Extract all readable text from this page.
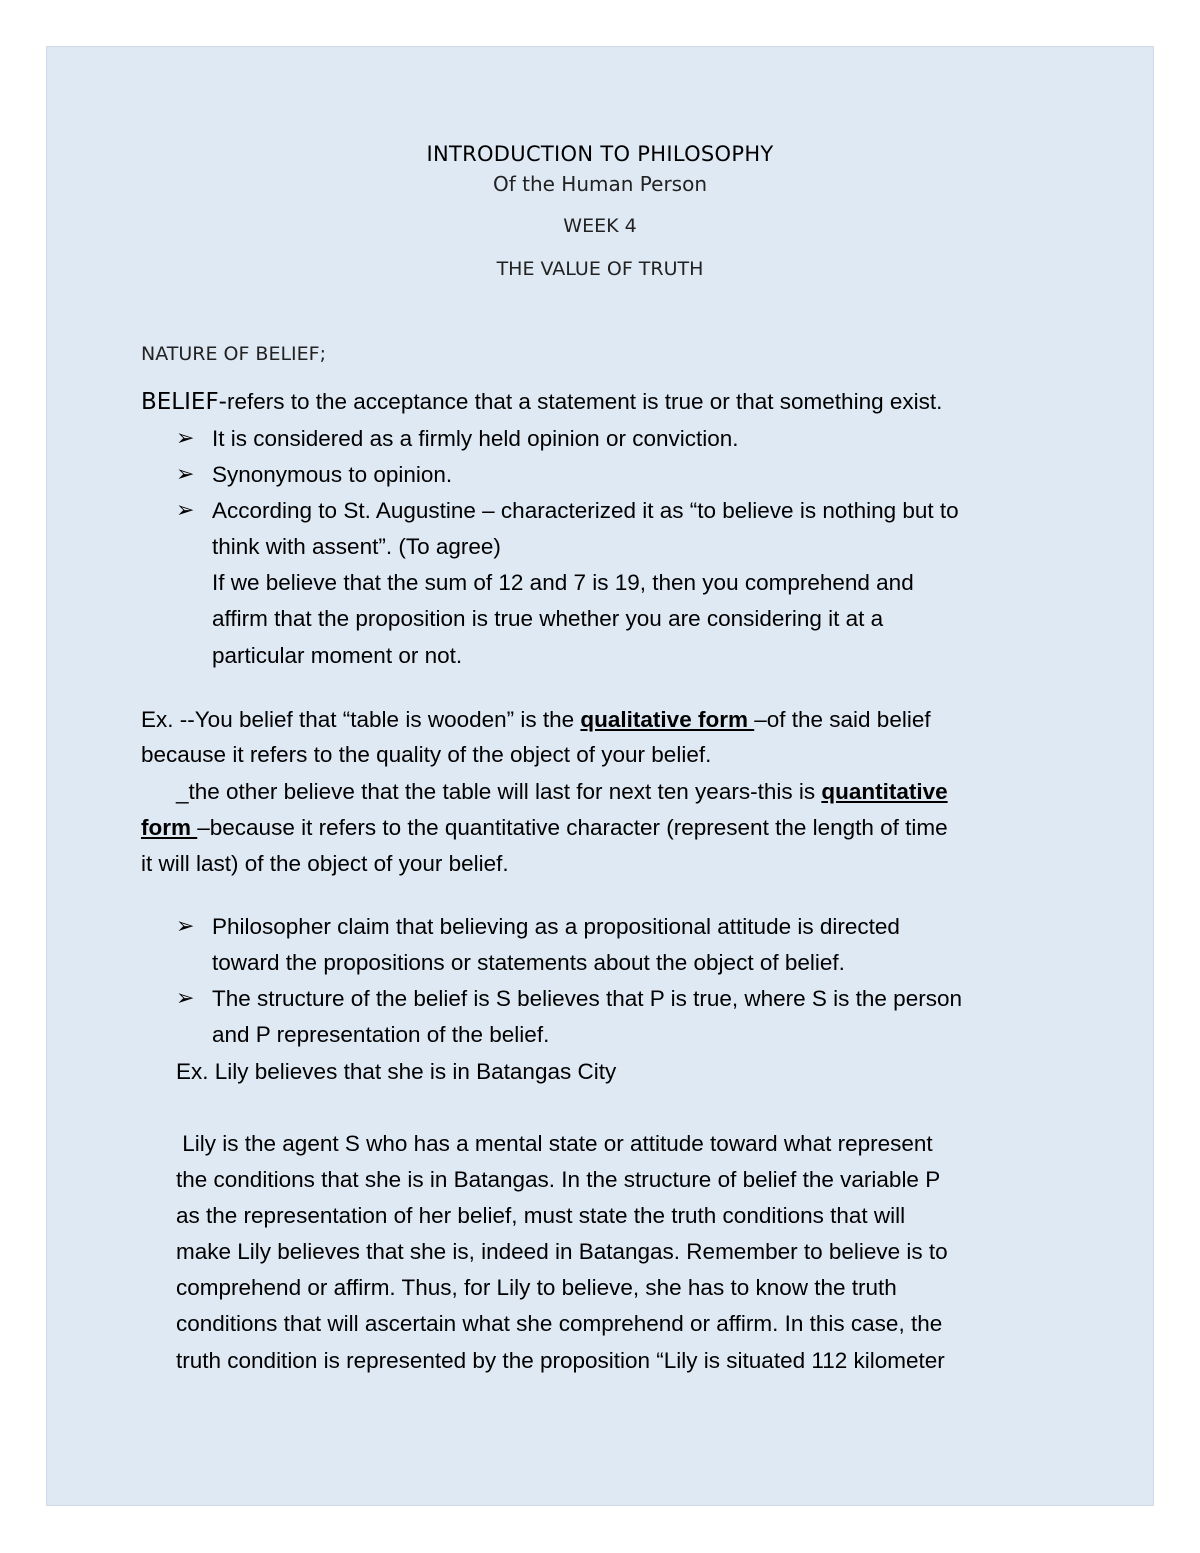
INTRODUCTION TO PHILOSOPHY
Of the Human Person
WEEK 4
THE VALUE OF TRUTH
NATURE OF BELIEF;
BELIEF-refers to the acceptance that a statement is true or that something exist.
➢ It is considered as a firmly held opinion or conviction.
➢ Synonymous to opinion.
➢ According to St. Augustine – characterized it as “to believe is nothing but to
think with assent”. (To agree)
If we believe that the sum of 12 and 7 is 19, then you comprehend and
affirm that the proposition is true whether you are considering it at a
particular moment or not.
Ex. --You belief that “table is wooden” is the qualitative form –of the said belief
because it refers to the quality of the object of your belief.
_the other believe that the table will last for next ten years-this is quantitative
form –because it refers to the quantitative character (represent the length of time
it will last) of the object of your belief.
➢ Philosopher claim that believing as a propositional attitude is directed
toward the propositions or statements about the object of belief.
➢ The structure of the belief is S believes that P is true, where S is the person
and P representation of the belief.
Ex. Lily believes that she is in Batangas City
Lily is the agent S who has a mental state or attitude toward what represent
the conditions that she is in Batangas. In the structure of belief the variable P
as the representation of her belief, must state the truth conditions that will
make Lily believes that she is, indeed in Batangas. Remember to believe is to
comprehend or affirm. Thus, for Lily to believe, she has to know the truth
conditions that will ascertain what she comprehend or affirm. In this case, the
truth condition is represented by the proposition “Lily is situated 112 kilometer
